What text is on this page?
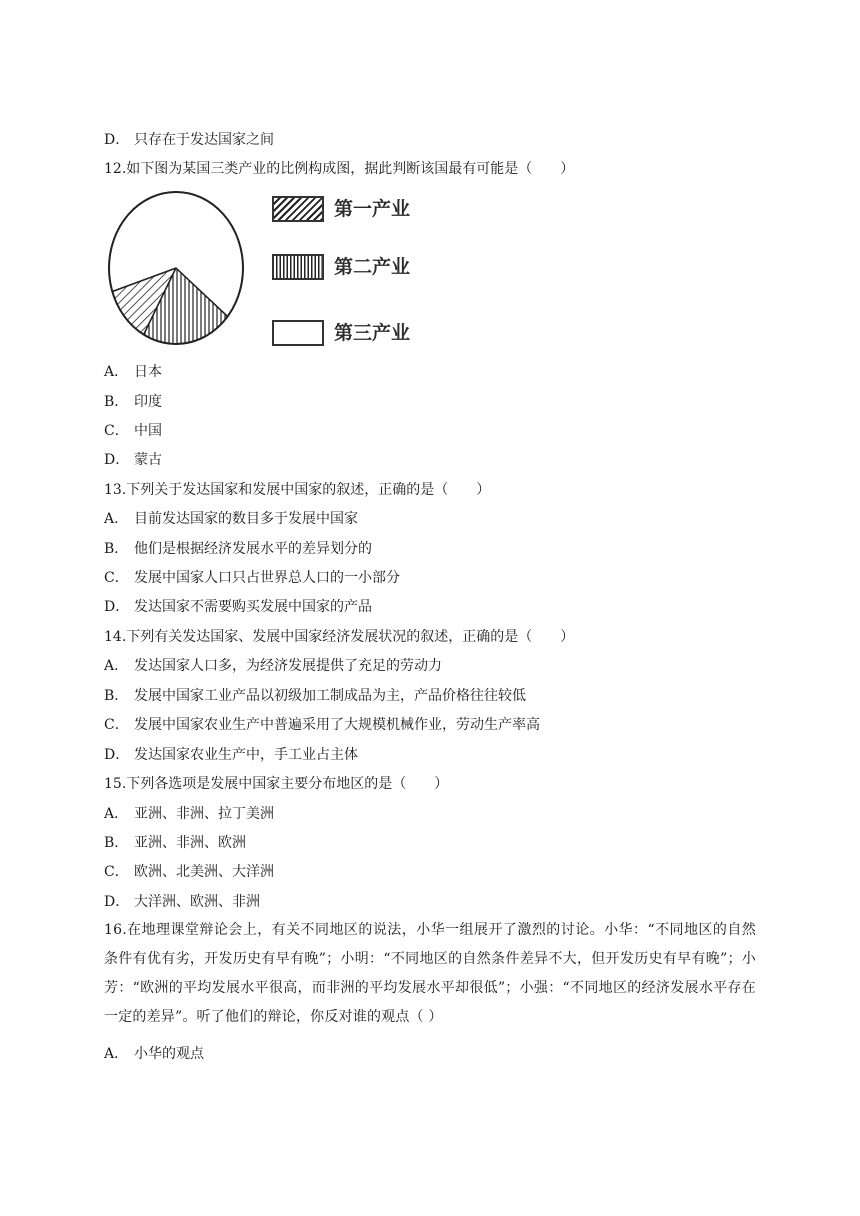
D． 只存在于发达国家之间
12.如下图为某国三类产业的比例构成图，据此判断该国最有可能是（　　）
第一产业
第二产业
第三产业
A． 日本
B． 印度
C． 中国
D． 蒙古
13.下列关于发达国家和发展中国家的叙述，正确的是（　　）
A． 目前发达国家的数目多于发展中国家
B． 他们是根据经济发展水平的差异划分的
C． 发展中国家人口只占世界总人口的一小部分
D． 发达国家不需要购买发展中国家的产品
14.下列有关发达国家、发展中国家经济发展状况的叙述，正确的是（　　）
A． 发达国家人口多，为经济发展提供了充足的劳动力
B． 发展中国家工业产品以初级加工制成品为主，产品价格往往较低
C． 发展中国家农业生产中普遍采用了大规模机械作业，劳动生产率高
D． 发达国家农业生产中，手工业占主体
15.下列各选项是发展中国家主要分布地区的是（　　）
A． 亚洲、非洲、拉丁美洲
B． 亚洲、非洲、欧洲
C． 欧洲、北美洲、大洋洲
D． 大洋洲、欧洲、非洲
16.在地理课堂辩论会上，有关不同地区的说法，小华一组展开了激烈的讨论。小华：“不同地区的自然条件有优有劣，开发历史有早有晚”；小明：“不同地区的自然条件差异不大，但开发历史有早有晚”；小芳：“欧洲的平均发展水平很高，而非洲的平均发展水平却很低”；小强：“不同地区的经济发展水平存在一定的差异”。听了他们的辩论，你反对谁的观点（ ）
A． 小华的观点
